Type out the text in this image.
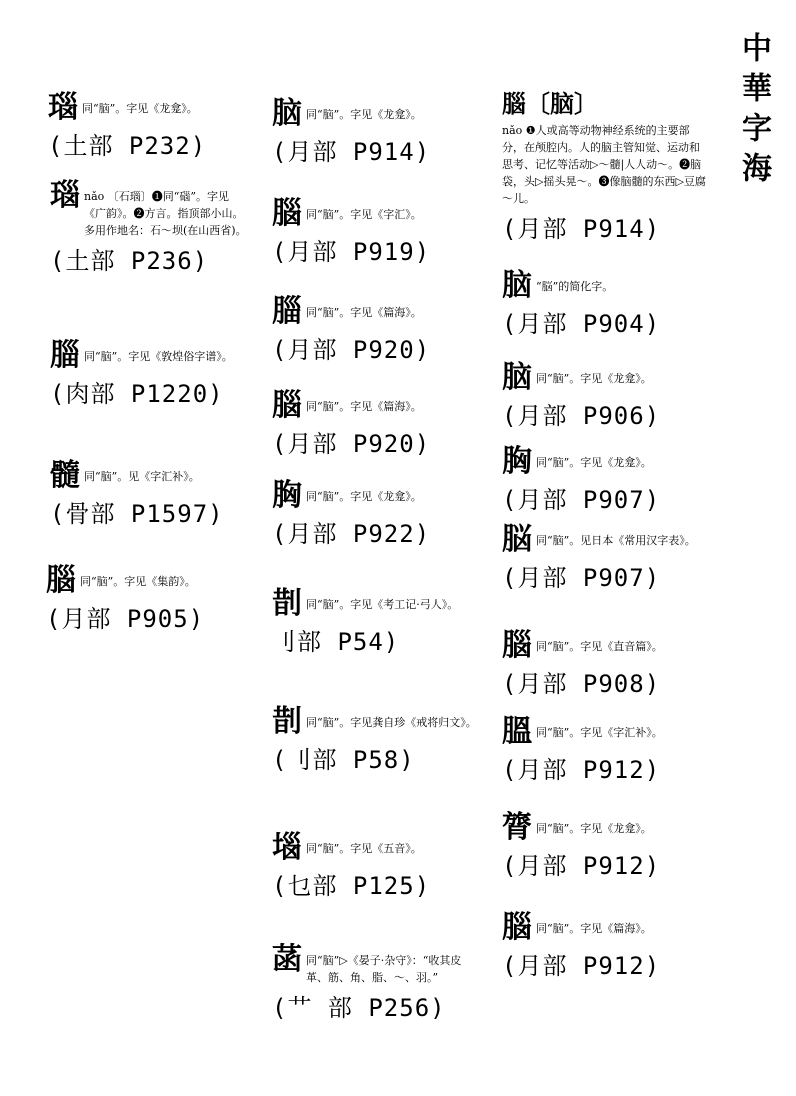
中華字海
瑙 同“脑”。字见《龙龛》。
(土部 P232)
瑙 nǎo 〔石瑙〕❶同“碯”。字见《广韵》。❷方言。指顶部小山。多用作地名：石～坝(在山西省)。
(土部 P236)
䐉 同“脑”。字见《敦煌俗字谱》。
(肉部 P1220)
髓 同“脑”。见《字汇补》。
(骨部 P1597)
腦 同“脑”。字见《集韵》。
(月部 P905)
脑 同“脑”。字见《龙龛》。
(月部 P914)
腦 同“脑”。字见《字汇》。
(月部 P919)
䐉 同“脑”。字见《篇海》。
(月部 P920)
腦 同“脑”。字见《篇海》。
(月部 P920)
胸 同“脑”。字见《龙龛》。
(月部 P922)
剒 同“脑”。字见《考工记·弓人》。
刂部 P54)
剒 同“脑”。字见龚自珍《戒将归文》。
(刂部 P58)
堖 同“脑”。字见《五音》。
(乜部 P125)
菡 同“脑”▷《晏子·杂守》：“收其皮革、筋、角、脂、～、羽。”
(艹 部 P256)
腦〔脑〕
nǎo ❶人或高等动物神经系统的主要部分，在颅腔内。人的脑主管知觉、运动和思考、记忆等活动▷～髓|人人动～。❷脑袋，头▷摇头晃～。❸像脑髓的东西▷豆腐～儿。
(月部 P914)
脑 “脳”的简化字。
(月部 P904)
脑 同“脑”。字见《龙龛》。
(月部 P906)
胸 同“脑”。字见《龙龛》。
(月部 P907)
脳 同“脑”。见日本《常用汉字表》。
(月部 P907)
腦 同“脑”。字见《直音篇》。
(月部 P908)
膃 同“脑”。字见《字汇补》。
(月部 P912)
膂 同“脑”。字见《龙龛》。
(月部 P912)
腦 同“脑”。字见《篇海》。
(月部 P912)
